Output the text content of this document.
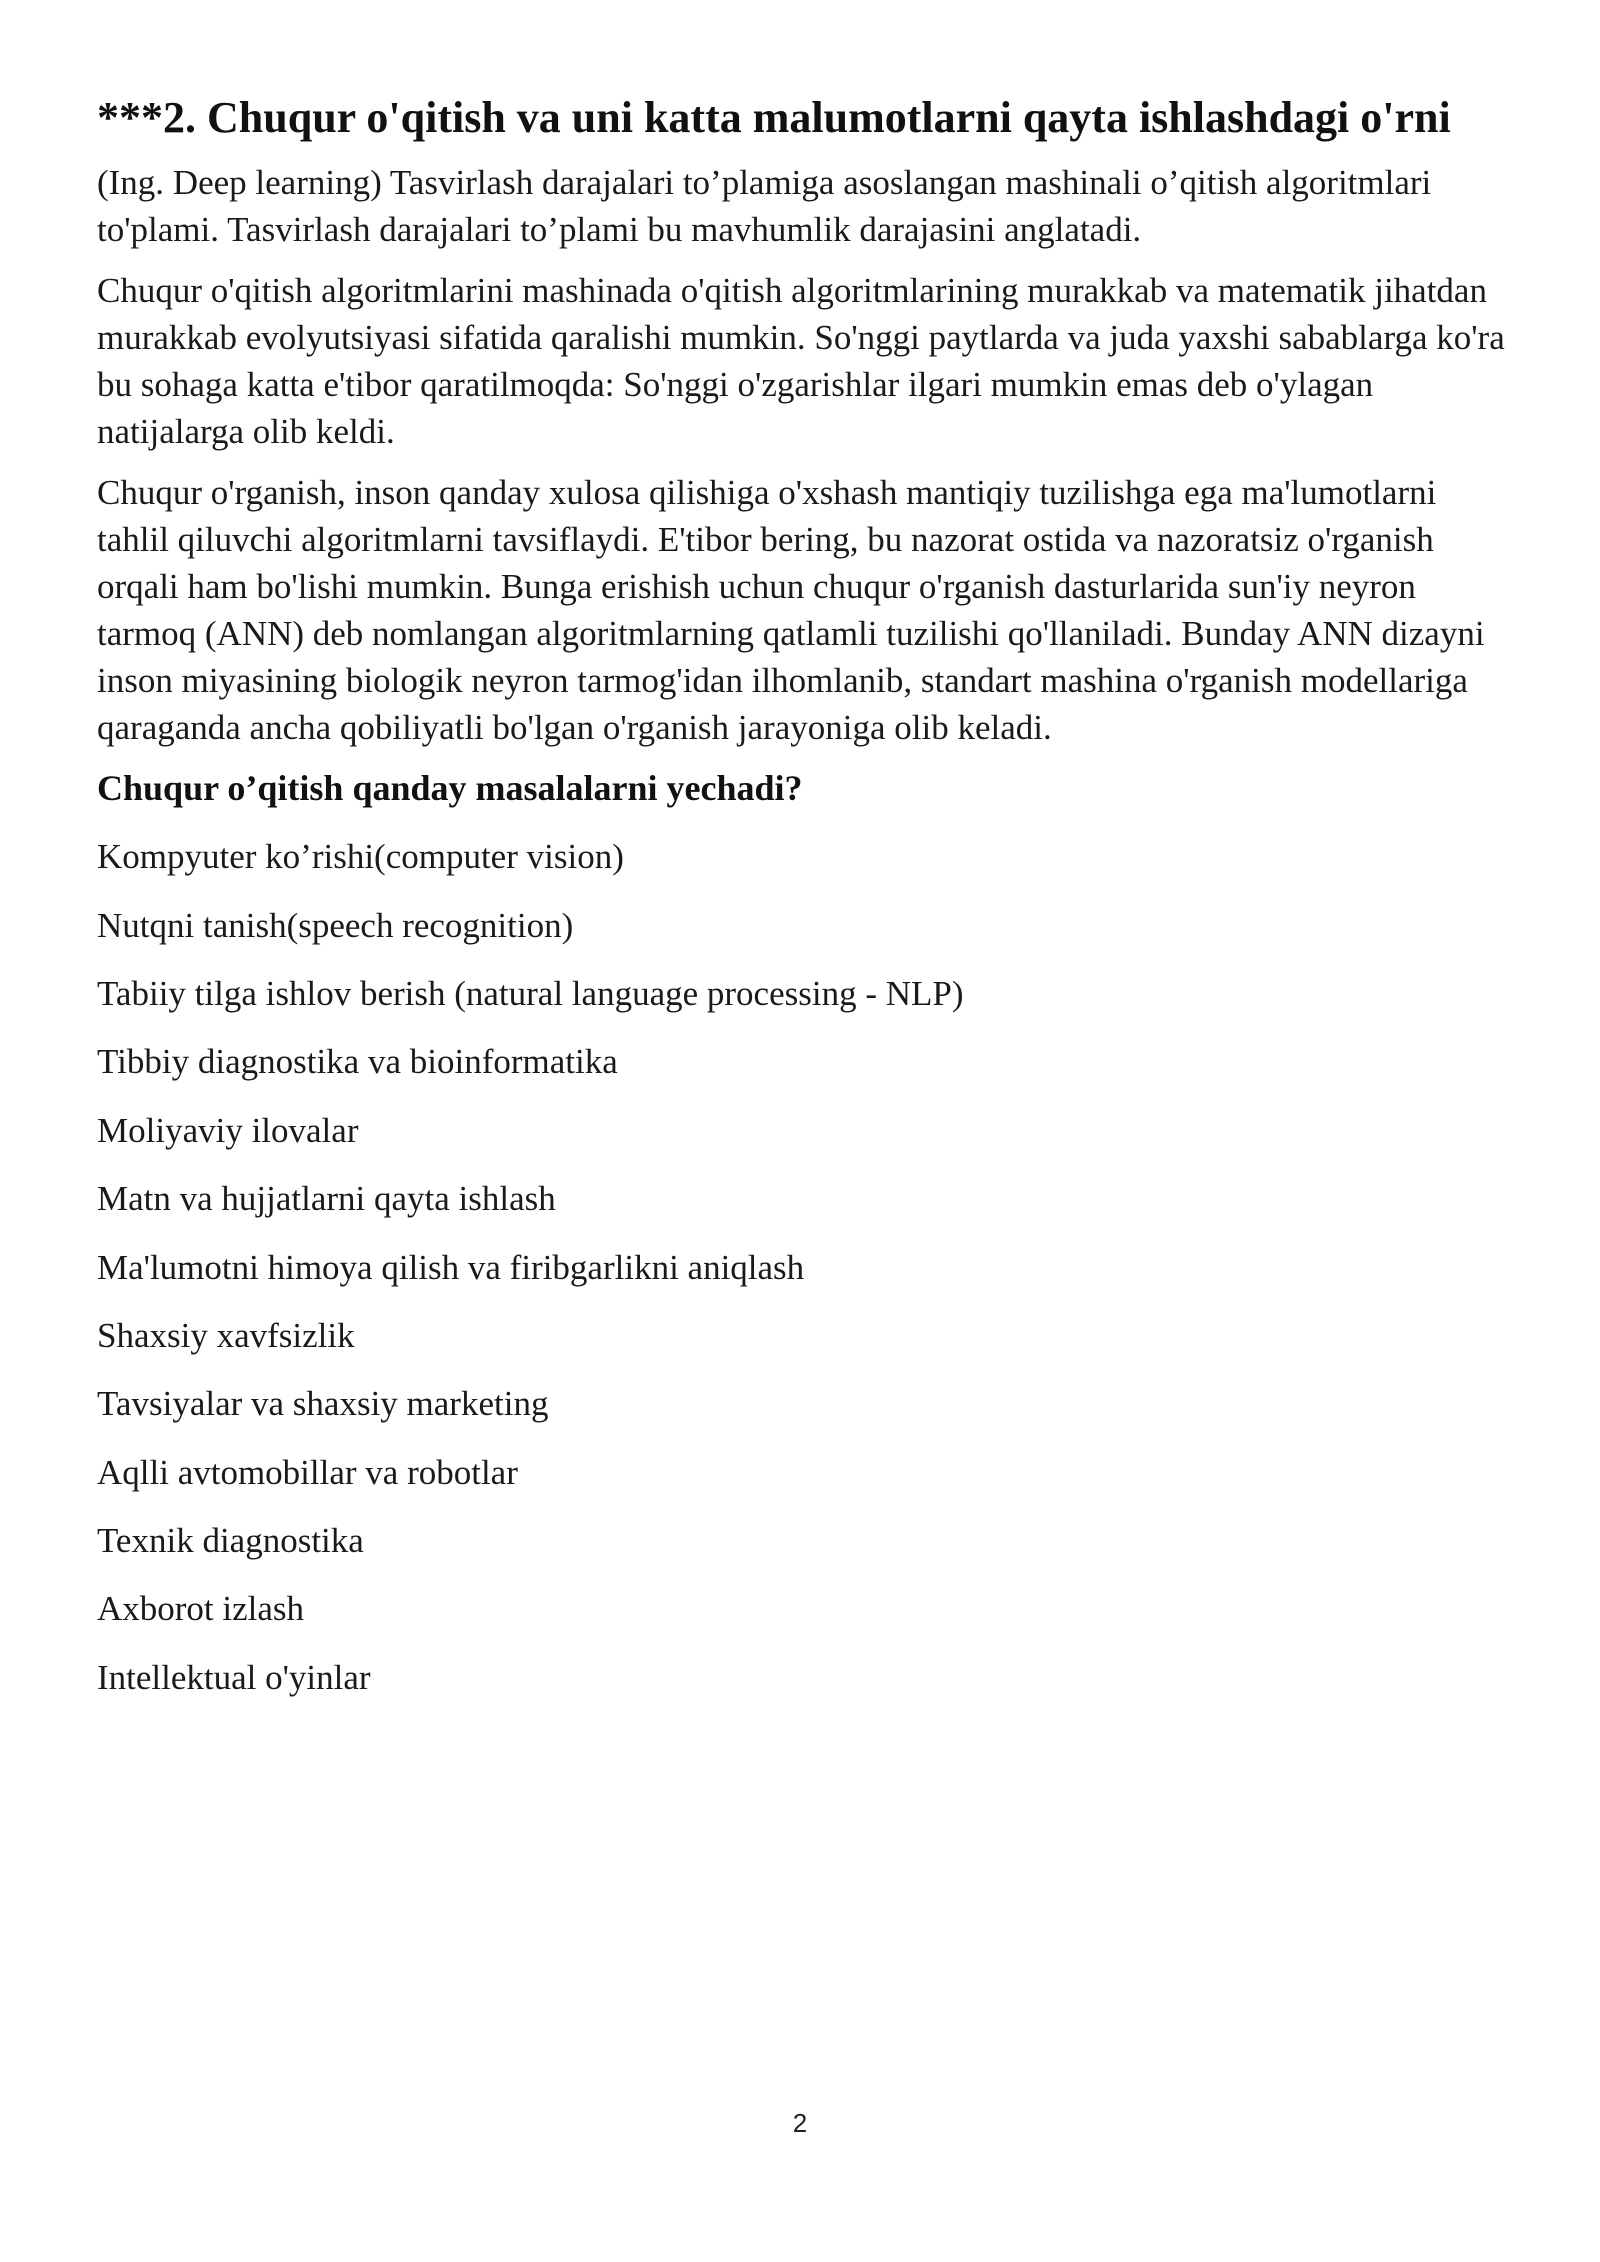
***2. Chuqur o'qitish va uni katta malumotlarni qayta ishlashdagi o'rni

(Ing. Deep learning) Tasvirlash darajalari to’plamiga asoslangan mashinali o’qitish algoritmlari to'plami. Tasvirlash darajalari to’plami bu mavhumlik darajasini anglatadi.

Chuqur o'qitish algoritmlarini mashinada o'qitish algoritmlarining murakkab va matematik jihatdan murakkab evolyutsiyasi sifatida qaralishi mumkin. So'nggi paytlarda va juda yaxshi sabablarga ko'ra bu sohaga katta e'tibor qaratilmoqda: So'nggi o'zgarishlar ilgari mumkin emas deb o'ylagan natijalarga olib keldi.

Chuqur o'rganish, inson qanday xulosa qilishiga o'xshash mantiqiy tuzilishga ega ma'lumotlarni tahlil qiluvchi algoritmlarni tavsiflaydi. E'tibor bering, bu nazorat ostida va nazoratsiz o'rganish orqali ham bo'lishi mumkin. Bunga erishish uchun chuqur o'rganish dasturlarida sun'iy neyron tarmoq (ANN) deb nomlangan algoritmlarning qatlamli tuzilishi qo'llaniladi. Bunday ANN dizayni inson miyasining biologik neyron tarmog'idan ilhomlanib, standart mashina o'rganish modellariga qaraganda ancha qobiliyatli bo'lgan o'rganish jarayoniga olib keladi.

Chuqur o’qitish qanday masalalarni yechadi?
Kompyuter ko’rishi(computer vision)
Nutqni tanish(speech recognition)
Tabiiy tilga ishlov berish (natural language processing - NLP)
Tibbiy diagnostika va bioinformatika
Moliyaviy ilovalar
Matn va hujjatlarni qayta ishlash
Ma'lumotni himoya qilish va firibgarlikni aniqlash
Shaxsiy xavfsizlik
Tavsiyalar va shaxsiy marketing
Aqlli avtomobillar va robotlar
Texnik diagnostika
Axborot izlash
Intellektual o'yinlar
2
